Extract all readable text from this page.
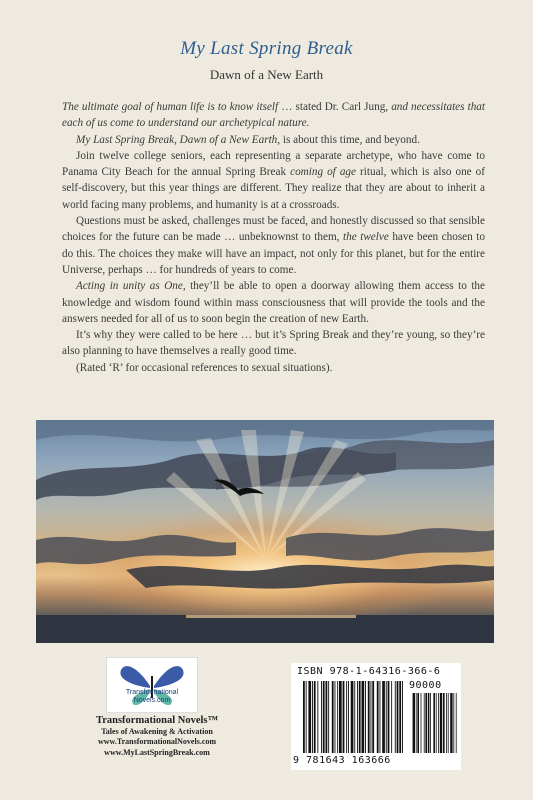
My Last Spring Break
Dawn of a New Earth

The ultimate goal of human life is to know itself … stated Dr. Carl Jung, and necessitates that each of us come to understand our archetypical nature.

My Last Spring Break, Dawn of a New Earth, is about this time, and beyond.

Join twelve college seniors, each representing a separate archetype, who have come to Panama City Beach for the annual Spring Break coming of age ritual, which is also one of self-discovery, but this year things are different. They realize that they are about to inherit a world facing many problems, and humanity is at a crossroads.

Questions must be asked, challenges must be faced, and honestly discussed so that sensible choices for the future can be made … unbeknownst to them, the twelve have been chosen to do this. The choices they make will have an impact, not only for this planet, but for the entire Universe, perhaps … for hundreds of years to come.

Acting in unity as One, they’ll be able to open a doorway allowing them access to the knowledge and wisdom found within mass consciousness that will provide the tools and the answers needed for all of us to soon begin the creation of new Earth.

It’s why they were called to be here … but it’s Spring Break and they’re young, so they’re also planning to have themselves a really good time.

(Rated ‘R’ for occasional references to sexual situations).

Transformational
Novels.com
Transformational Novels™
Tales of Awakening & Activation
www.TransformationalNovels.com
www.MyLastSpringBreak.com
ISBN 978-1-64316-366-6
90000
9 781643 163666
